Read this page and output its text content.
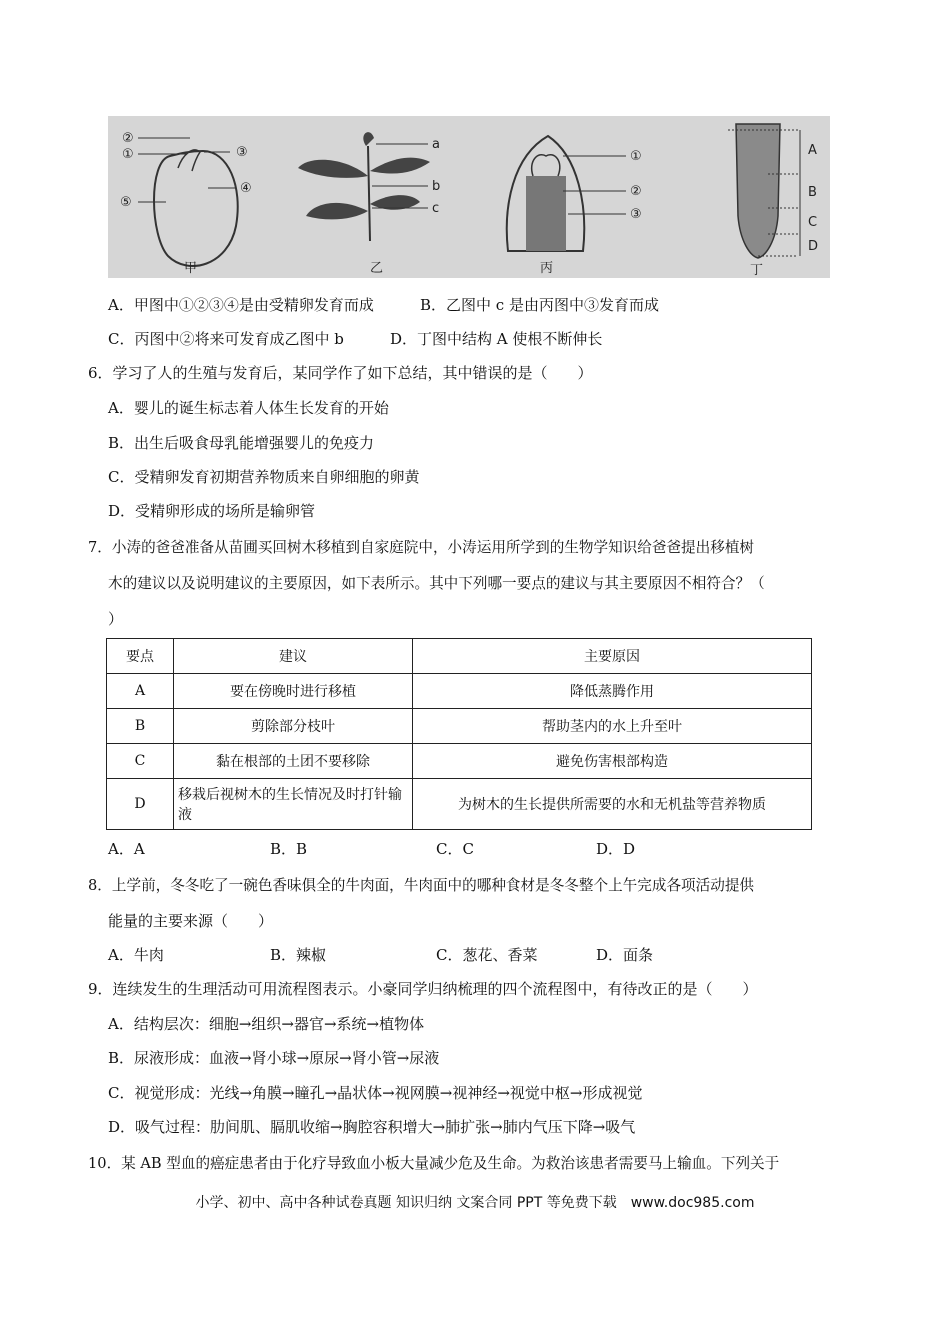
②
①	③
④
⑤
甲
a
b
c
乙
①
②
③
丙
A
B
C
D
丁
A．甲图中①②③④是由受精卵发育而成	B．乙图中 c 是由丙图中③发育而成
C．丙图中②将来可发育成乙图中 b	D．丁图中结构 A 使根不断伸长
6．学习了人的生殖与发育后，某同学作了如下总结，其中错误的是（　　）
A．婴儿的诞生标志着人体生长发育的开始
B．出生后吸食母乳能增强婴儿的免疫力
C．受精卵发育初期营养物质来自卵细胞的卵黄
D．受精卵形成的场所是输卵管
7．小涛的爸爸准备从苗圃买回树木移植到自家庭院中，小涛运用所学到的生物学知识给爸爸提出移植树
木的建议以及说明建议的主要原因，如下表所示。其中下列哪一要点的建议与其主要原因不相符合？（
）
要点	建议	主要原因
A	要在傍晚时进行移植	降低蒸腾作用
B	剪除部分枝叶	帮助茎内的水上升至叶
C	黏在根部的土团不要移除	避免伤害根部构造
D	移栽后视树木的生长情况及时打针输液	为树木的生长提供所需要的水和无机盐等营养物质
A．A	B．B	C．C	D．D
8．上学前，冬冬吃了一碗色香味俱全的牛肉面，牛肉面中的哪种食材是冬冬整个上午完成各项活动提供
能量的主要来源（　　）
A．牛肉	B．辣椒	C．葱花、香菜	D．面条
9．连续发生的生理活动可用流程图表示。小豪同学归纳梳理的四个流程图中，有待改正的是（　　）
A．结构层次：细胞→组织→器官→系统→植物体
B．尿液形成：血液→肾小球→原尿→肾小管→尿液
C．视觉形成：光线→角膜→瞳孔→晶状体→视网膜→视神经→视觉中枢→形成视觉
D．吸气过程：肋间肌、膈肌收缩→胸腔容积增大→肺扩张→肺内气压下降→吸气
10．某 AB 型血的癌症患者由于化疗导致血小板大量减少危及生命。为救治该患者需要马上输血。下列关于
小学、初中、高中各种试卷真题 知识归纳 文案合同 PPT 等免费下载　www.doc985.com
